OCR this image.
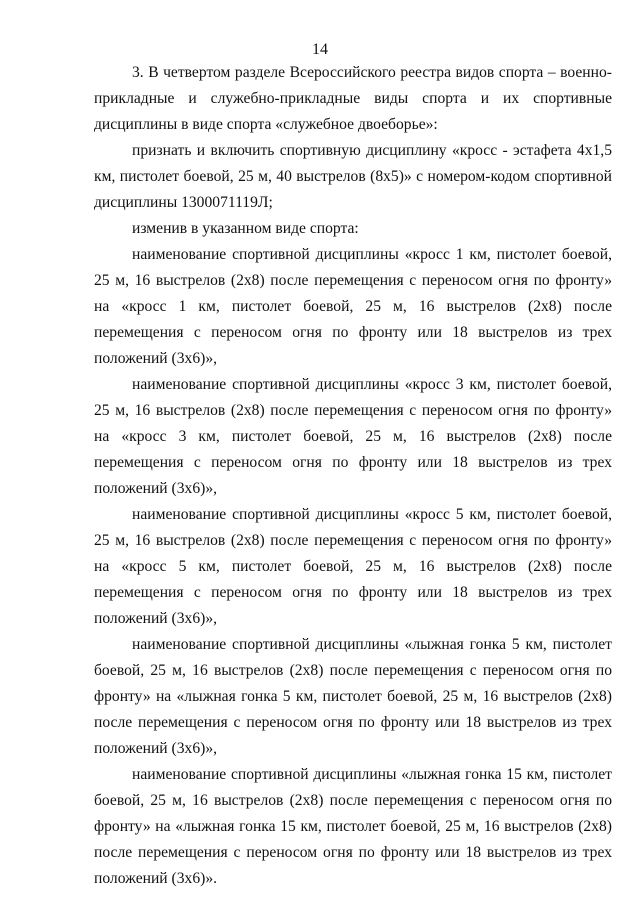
14

3. В четвертом разделе Всероссийского реестра видов спорта – военно-прикладные и служебно-прикладные виды спорта и их спортивные дисциплины в виде спорта «служебное двоеборье»:

признать и включить спортивную дисциплину «кросс - эстафета 4х1,5 км, пистолет боевой, 25 м, 40 выстрелов (8х5)» с номером-кодом спортивной дисциплины 1300071119Л;

изменив в указанном виде спорта:

наименование спортивной дисциплины «кросс 1 км, пистолет боевой, 25 м, 16 выстрелов (2х8) после перемещения с переносом огня по фронту» на «кросс 1 км, пистолет боевой, 25 м, 16 выстрелов (2х8) после перемещения с переносом огня по фронту или 18 выстрелов из трех положений (3х6)»,

наименование спортивной дисциплины «кросс 3 км, пистолет боевой, 25 м, 16 выстрелов (2х8) после перемещения с переносом огня по фронту» на «кросс 3 км, пистолет боевой, 25 м, 16 выстрелов (2х8) после перемещения с переносом огня по фронту или 18 выстрелов из трех положений (3х6)»,

наименование спортивной дисциплины «кросс 5 км, пистолет боевой, 25 м, 16 выстрелов (2х8) после перемещения с переносом огня по фронту» на «кросс 5 км, пистолет боевой, 25 м, 16 выстрелов (2х8) после перемещения с переносом огня по фронту или 18 выстрелов из трех положений (3х6)»,

наименование спортивной дисциплины «лыжная гонка 5 км, пистолет боевой, 25 м, 16 выстрелов (2х8) после перемещения с переносом огня по фронту» на «лыжная гонка 5 км, пистолет боевой, 25 м, 16 выстрелов (2х8) после перемещения с переносом огня по фронту или 18 выстрелов из трех положений (3х6)»,

наименование спортивной дисциплины «лыжная гонка 15 км, пистолет боевой, 25 м, 16 выстрелов (2х8) после перемещения с переносом огня по фронту» на «лыжная гонка 15 км, пистолет боевой, 25 м, 16 выстрелов (2х8) после перемещения с переносом огня по фронту или 18 выстрелов из трех положений (3х6)».
